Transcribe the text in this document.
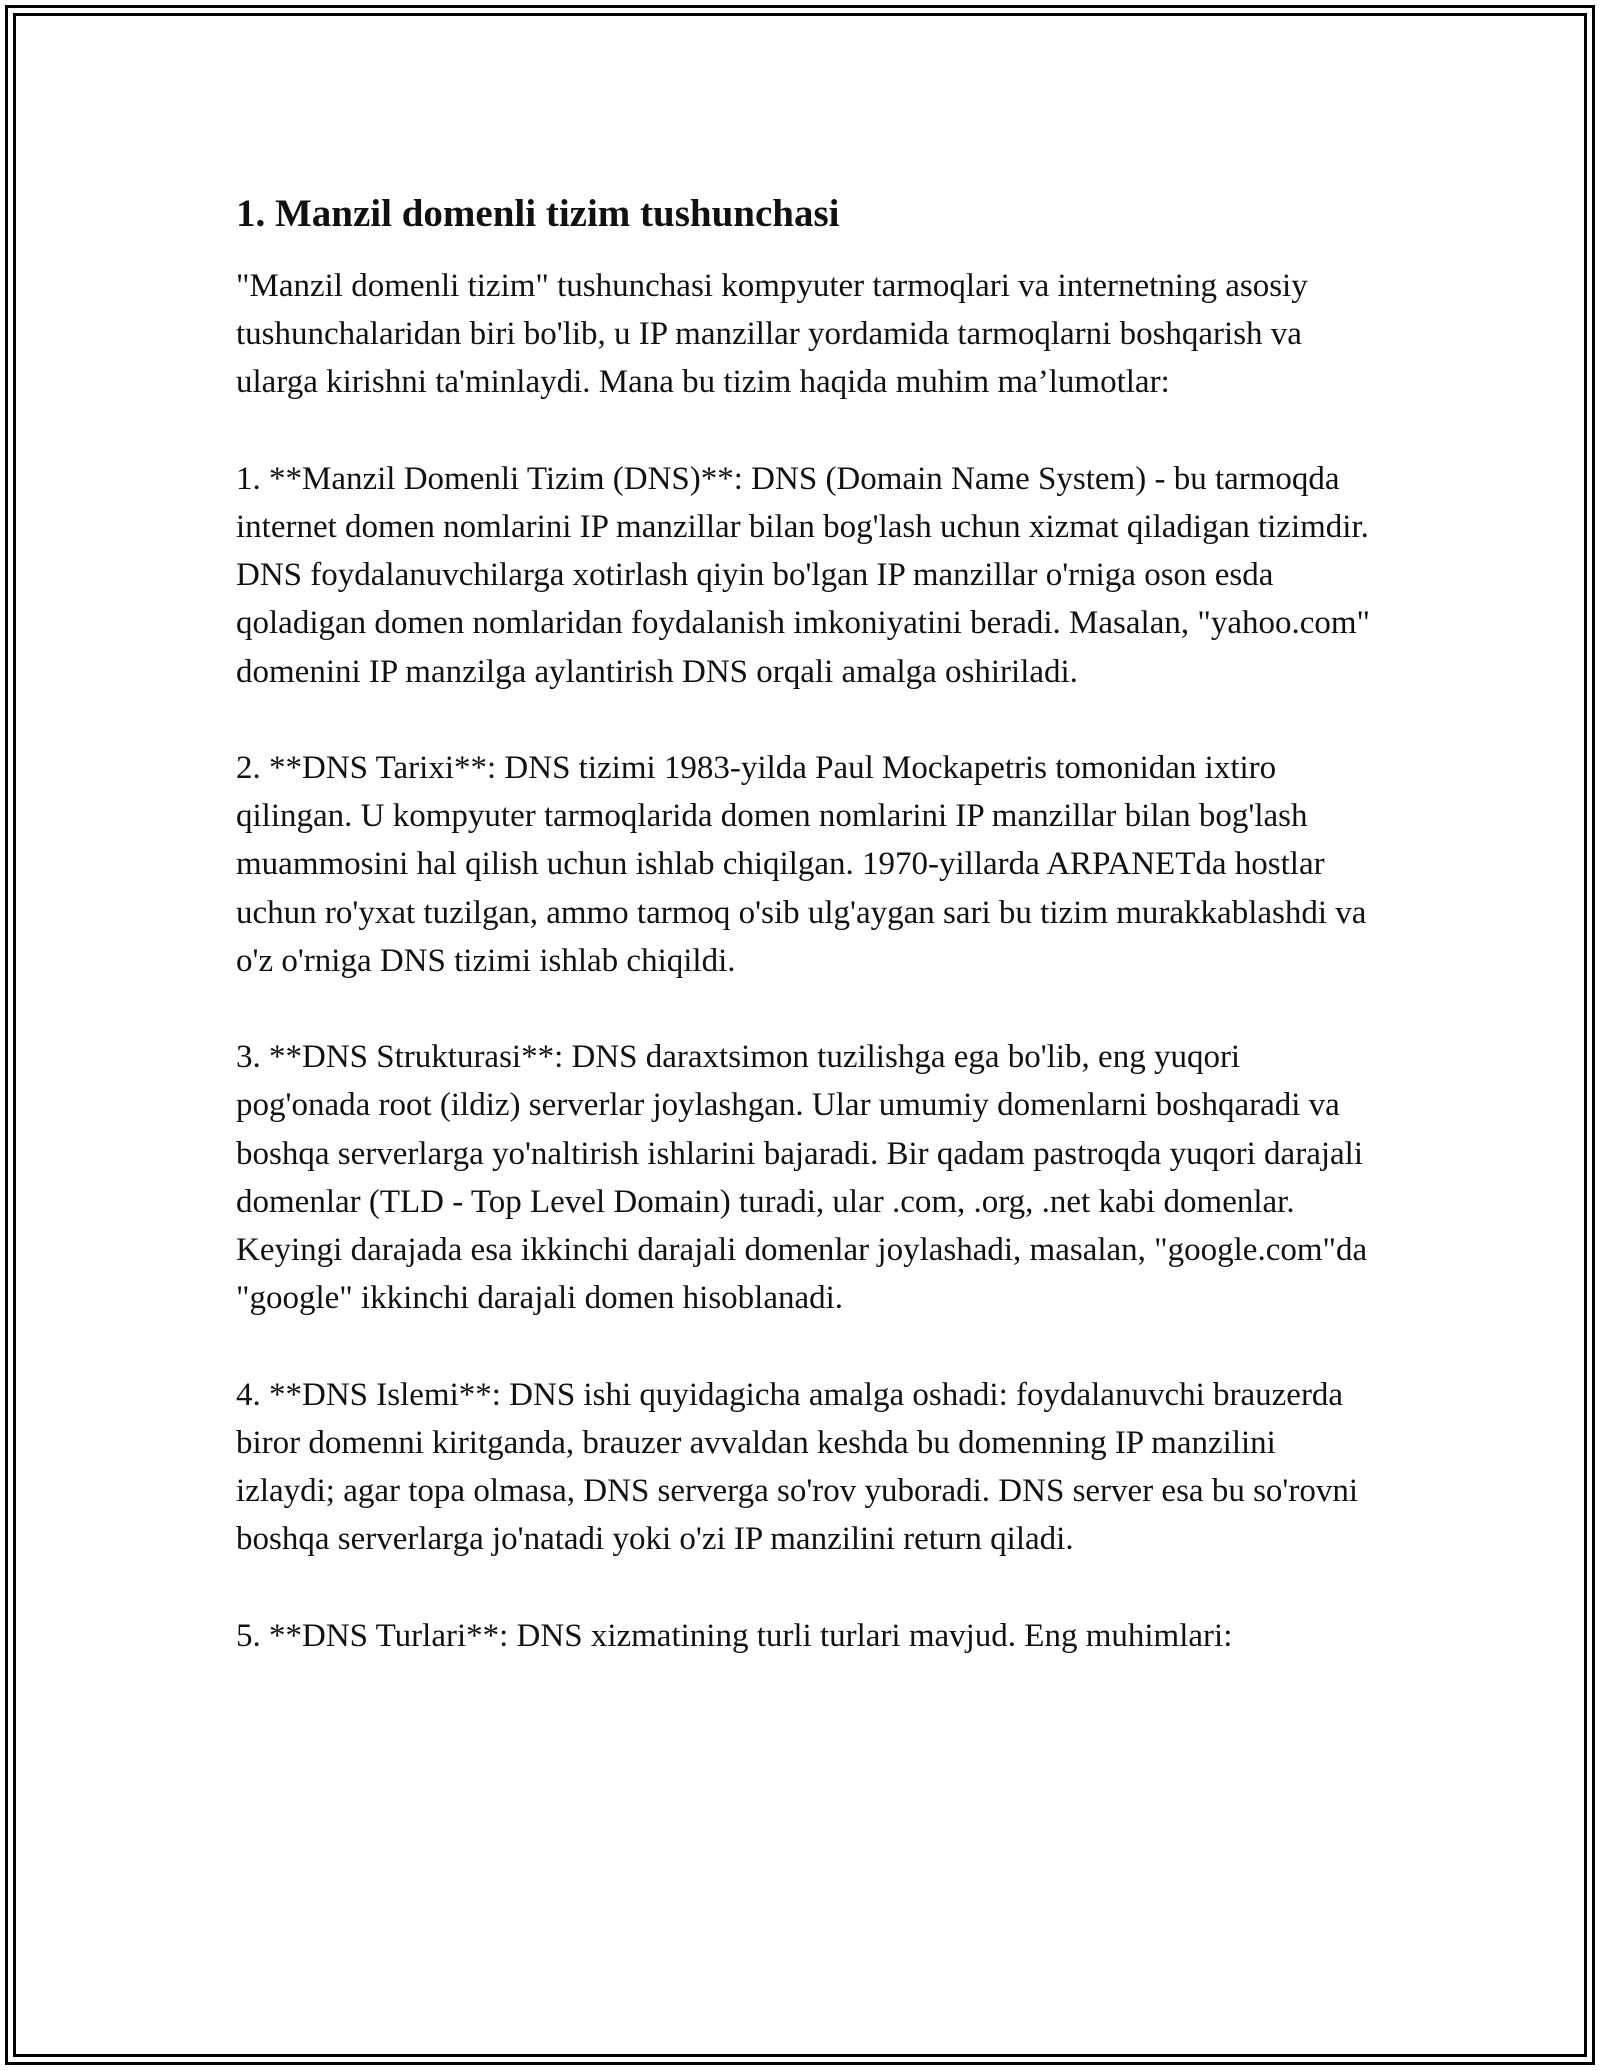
1. Manzil domenli tizim tushunchasi

"Manzil domenli tizim" tushunchasi kompyuter tarmoqlari va internetning asosiy tushunchalaridan biri bo'lib, u IP manzillar yordamida tarmoqlarni boshqarish va ularga kirishni ta'minlaydi. Mana bu tizim haqida muhim ma’lumotlar:

1. **Manzil Domenli Tizim (DNS)**: DNS (Domain Name System) - bu tarmoqda internet domen nomlarini IP manzillar bilan bog'lash uchun xizmat qiladigan tizimdir. DNS foydalanuvchilarga xotirlash qiyin bo'lgan IP manzillar o'rniga oson esda qoladigan domen nomlaridan foydalanish imkoniyatini beradi. Masalan, "yahoo.com" domenini IP manzilga aylantirish DNS orqali amalga oshiriladi.

2. **DNS Tarixi**: DNS tizimi 1983-yilda Paul Mockapetris tomonidan ixtiro qilingan. U kompyuter tarmoqlarida domen nomlarini IP manzillar bilan bog'lash muammosini hal qilish uchun ishlab chiqilgan. 1970-yillarda ARPANETda hostlar uchun ro'yxat tuzilgan, ammo tarmoq o'sib ulg'aygan sari bu tizim murakkablashdi va o'z o'rniga DNS tizimi ishlab chiqildi.

3. **DNS Strukturasi**: DNS daraxtsimon tuzilishga ega bo'lib, eng yuqori pog'onada root (ildiz) serverlar joylashgan. Ular umumiy domenlarni boshqaradi va boshqa serverlarga yo'naltirish ishlarini bajaradi. Bir qadam pastroqda yuqori darajali domenlar (TLD - Top Level Domain) turadi, ular .com, .org, .net kabi domenlar. Keyingi darajada esa ikkinchi darajali domenlar joylashadi, masalan, "google.com"da "google" ikkinchi darajali domen hisoblanadi.

4. **DNS Islemi**: DNS ishi quyidagicha amalga oshadi: foydalanuvchi brauzerda biror domenni kiritganda, brauzer avvaldan keshda bu domenning IP manzilini izlaydi; agar topa olmasa, DNS serverga so'rov yuboradi. DNS server esa bu so'rovni boshqa serverlarga jo'natadi yoki o'zi IP manzilini return qiladi.

5. **DNS Turlari**: DNS xizmatining turli turlari mavjud. Eng muhimlari:
